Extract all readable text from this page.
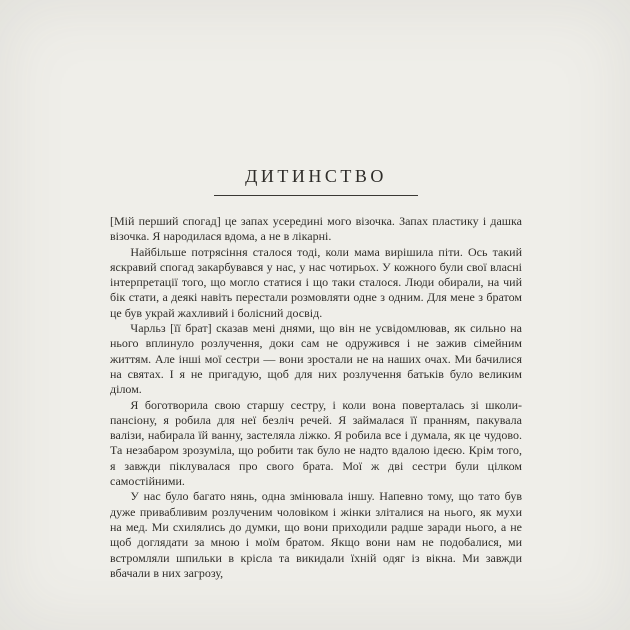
ДИТИНСТВО

[Мій перший спогад] це запах усередині мого візочка. Запах пластику і дашка візочка. Я народилася вдома, а не в лікарні.

Найбільше потрясіння сталося тоді, коли мама вирішила піти. Ось такий яскравий спогад закарбувався у нас, у нас чотирьох. У кожного були свої власні інтерпретації того, що могло статися і що таки сталося. Люди обирали, на чий бік стати, а деякі навіть перестали розмовляти одне з одним. Для мене з братом це був украй жахливий і болісний досвід.

Чарльз [її брат] сказав мені днями, що він не усвідомлював, як сильно на нього вплинуло розлучення, доки сам не одружився і не зажив сімейним життям. Але інші мої сестри — вони зростали не на наших очах. Ми бачилися на святах. І я не пригадую, щоб для них розлучення батьків було великим ділом.

Я боготворила свою старшу сестру, і коли вона поверталась зі школи-пансіону, я робила для неї безліч речей. Я займалася її пранням, пакувала валізи, набирала їй ванну, застеляла ліжко. Я робила все і думала, як це чудово. Та незабаром зрозуміла, що робити так було не надто вдалою ідеєю. Крім того, я завжди піклувалася про свого брата. Мої ж дві сестри були цілком самостійними.

У нас було багато нянь, одна змінювала іншу. Напевно тому, що тато був дуже привабливим розлученим чоловіком і жінки зліталися на нього, як мухи на мед. Ми схилялись до думки, що вони приходили радше заради нього, а не щоб доглядати за мною і моїм братом. Якщо вони нам не подобалися, ми встромляли шпильки в крісла та викидали їхній одяг із вікна. Ми завжди вбачали в них загрозу,
